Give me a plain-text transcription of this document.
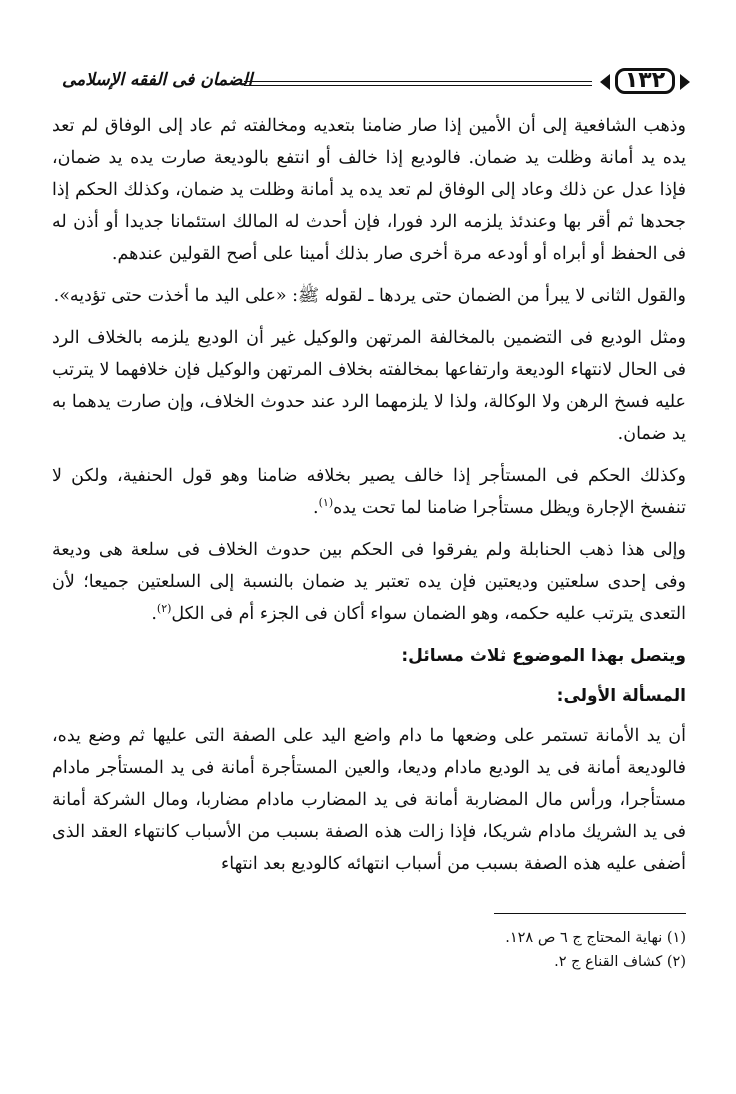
١٣٢
الضمان فى الفقه الإسلامى

وذهب الشافعية إلى أن الأمين إذا صار ضامنا بتعديه ومخالفته ثم عاد إلى الوفاق لم تعد يده يد أمانة وظلت يد ضمان. فالوديع إذا خالف أو انتفع بالوديعة صارت يده يد ضمان، فإذا عدل عن ذلك وعاد إلى الوفاق لم تعد يده يد أمانة وظلت يد ضمان، وكذلك الحكم إذا جحدها ثم أقر بها وعندئذ يلزمه الرد فورا، فإن أحدث له المالك استئمانا جديدا أو أذن له فى الحفظ أو أبراه أو أودعه مرة أخرى صار بذلك أمينا على أصح القولين عندهم.

والقول الثانى لا يبرأ من الضمان حتى يردها ـ لقوله ﷺ: «على اليد ما أخذت حتى تؤديه».

ومثل الوديع فى التضمين بالمخالفة المرتهن والوكيل غير أن الوديع يلزمه بالخلاف الرد فى الحال لانتهاء الوديعة وارتفاعها بمخالفته بخلاف المرتهن والوكيل فإن خلافهما لا يترتب عليه فسخ الرهن ولا الوكالة، ولذا لا يلزمهما الرد عند حدوث الخلاف، وإن صارت يدهما به يد ضمان.

وكذلك الحكم فى المستأجر إذا خالف يصير بخلافه ضامنا وهو قول الحنفية، ولكن لا تنفسخ الإجارة ويظل مستأجرا ضامنا لما تحت يده$^{(١)}$.

وإلى هذا ذهب الحنابلة ولم يفرقوا فى الحكم بين حدوث الخلاف فى سلعة هى وديعة وفى إحدى سلعتين وديعتين فإن يده تعتبر يد ضمان بالنسبة إلى السلعتين جميعا؛ لأن التعدى يترتب عليه حكمه، وهو الضمان سواء أكان فى الجزء أم فى الكل$^{(٢)}$.

ويتصل بهذا الموضوع ثلاث مسائل:

المسألة الأولى:

أن يد الأمانة تستمر على وضعها ما دام واضع اليد على الصفة التى عليها ثم وضع يده، فالوديعة أمانة فى يد الوديع مادام وديعا، والعين المستأجرة أمانة فى يد المستأجر مادام مستأجرا، ورأس مال المضاربة أمانة فى يد المضارب مادام مضاربا، ومال الشركة أمانة فى يد الشريك مادام شريكا، فإذا زالت هذه الصفة بسبب من الأسباب كانتهاء العقد الذى أضفى عليه هذه الصفة بسبب من أسباب انتهائه كالوديع بعد انتهاء

(١) نهاية المحتاج ج ٦ ص ١٢٨.
(٢) كشاف القناع ج ٢.
